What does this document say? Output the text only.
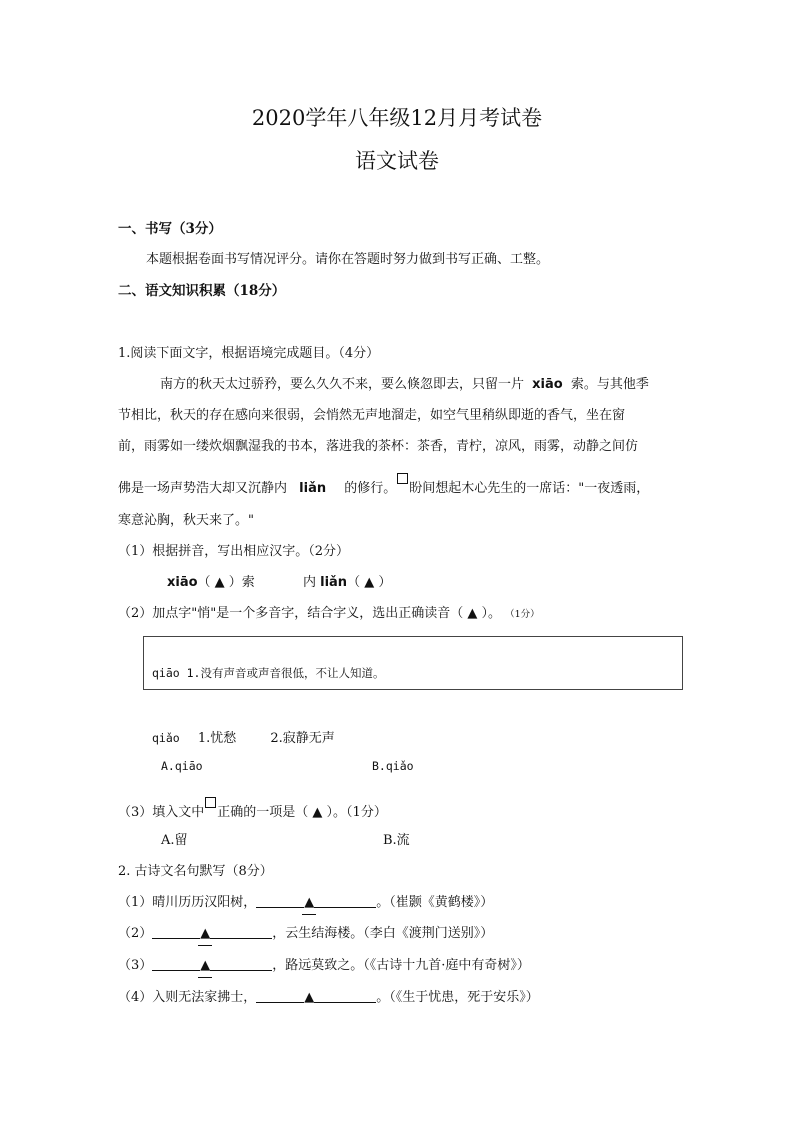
2020学年八年级12月月考试卷
语文试卷
一、书写（3分）
本题根据卷面书写情况评分。请你在答题时努力做到书写正确、工整。
二、语文知识积累（18分）
1.阅读下面文字，根据语境完成题目。（4分）
南方的秋天太过骄矜，要么久久不来，要么倏忽即去，只留一片 xiāo 索。与其他季
节相比，秋天的存在感向来很弱，会悄然无声地溜走，如空气里稍纵即逝的香气，坐在窗
前，雨雾如一缕炊烟飘湿我的书本，落进我的茶杯：茶香，青柠，凉风，雨雾，动静之间仿
佛是一场声势浩大却又沉静内 liǎn 的修行。 盼间想起木心先生的一席话："一夜透雨，
寒意沁胸，秋天来了。"
（1）根据拼音，写出相应汉字。（2分）
xiāo（ ▲ ）索	内 liǎn（ ▲ ）
（2）加点字"悄"是一个多音字，结合字义，选出正确读音（ ▲ ）。 （1分）
qiāo 1.没有声音或声音很低，不让人知道。
qiǎo 1.忧愁	2.寂静无声
A.qiāo	B.qiǎo
（3）填入文中 正确的一项是（ ▲ ）。（1分）
A.留	B.流
2. 古诗文名句默写（8分）
（1）晴川历历汉阳树，	▲	。（崔颢《黄鹤楼》）
（2）	▲	，云生结海楼。（李白《渡荆门送别》）
（3）	▲	，路远莫致之。（《古诗十九首·庭中有奇树》）
（4）入则无法家拂士，	▲	。（《生于忧患，死于安乐》）
